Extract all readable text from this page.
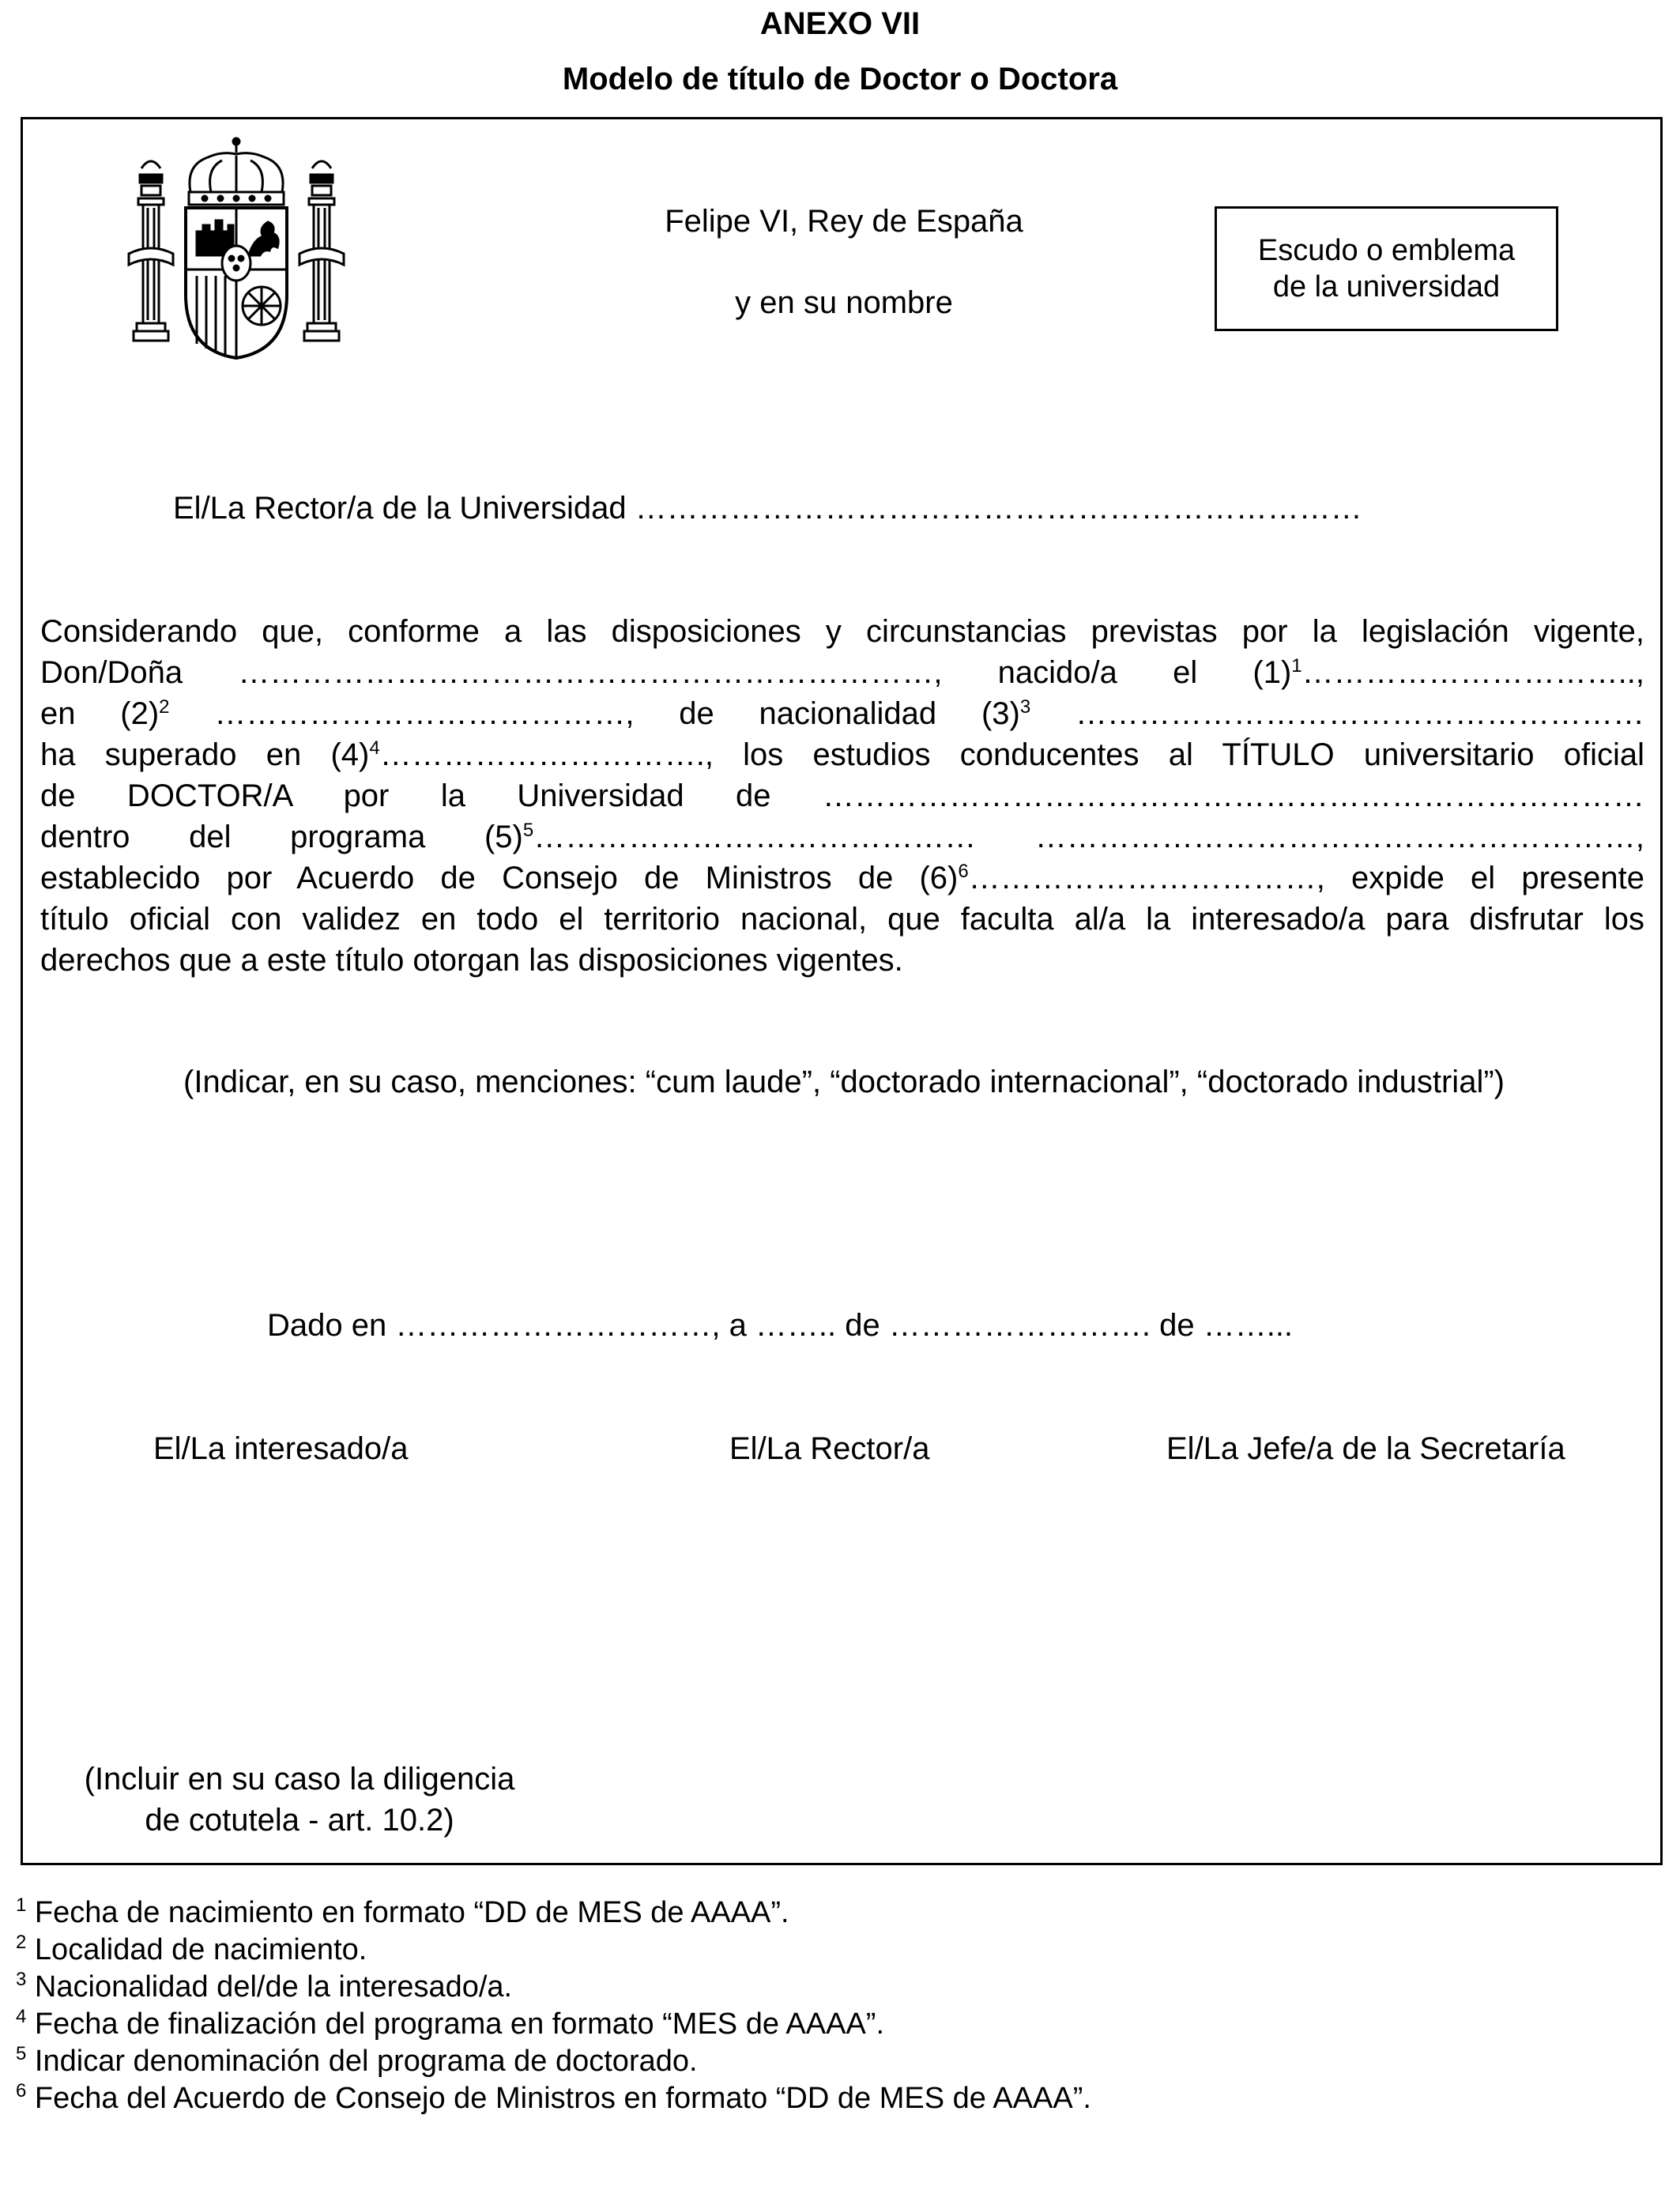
ANEXO VII
Modelo de título de Doctor o Doctora
Felipe VI, Rey de España
y en su nombre
Escudo o emblema
de la universidad
El/La Rector/a de la Universidad ……………………………………………………………
Considerando que, conforme a las disposiciones y circunstancias previstas por la legislación vigente,
Don/Doña …………………………………………………………, nacido/a el $(1)^1\dots\dots\dots\dots\dots\dots\dots\dots\dots\dots$..,
en $(2)^2$ …………………………………, de nacionalidad $(3)^3$ ………………………………………………
ha superado en $(4)^4\dots\dots\dots\dots\dots\dots\dots\dots\dots\dots$., los estudios conducentes al TÍTULO universitario oficial
de DOCTOR/A por la Universidad de ……………………………………………………………………
dentro del programa $(5)^5\dots\dots\dots\dots\dots\dots\dots\dots\dots\dots\dots\dots\dots\dots$ …………………………………………………,
establecido por Acuerdo de Consejo de Ministros de $(6)^6\dots\dots\dots\dots\dots\dots\dots\dots\dots\dots\dots$, expide el presente
título oficial con validez en todo el territorio nacional, que faculta al/a la interesado/a para disfrutar los
derechos que a este título otorgan las disposiciones vigentes.
(Indicar, en su caso, menciones: “cum laude”, “doctorado internacional”, “doctorado industrial”)
Dado en …………………………, a …….. de ……………………. de ……...
El/La interesado/a	El/La Rector/a	El/La Jefe/a de la Secretaría
(Incluir en su caso la diligencia
de cotutela - art. 10.2)
$^1$ Fecha de nacimiento en formato “DD de MES de AAAA”.
$^2$ Localidad de nacimiento.
$^3$ Nacionalidad del/de la interesado/a.
$^4$ Fecha de finalización del programa en formato “MES de AAAA”.
$^5$ Indicar denominación del programa de doctorado.
$^6$ Fecha del Acuerdo de Consejo de Ministros en formato “DD de MES de AAAA”.
